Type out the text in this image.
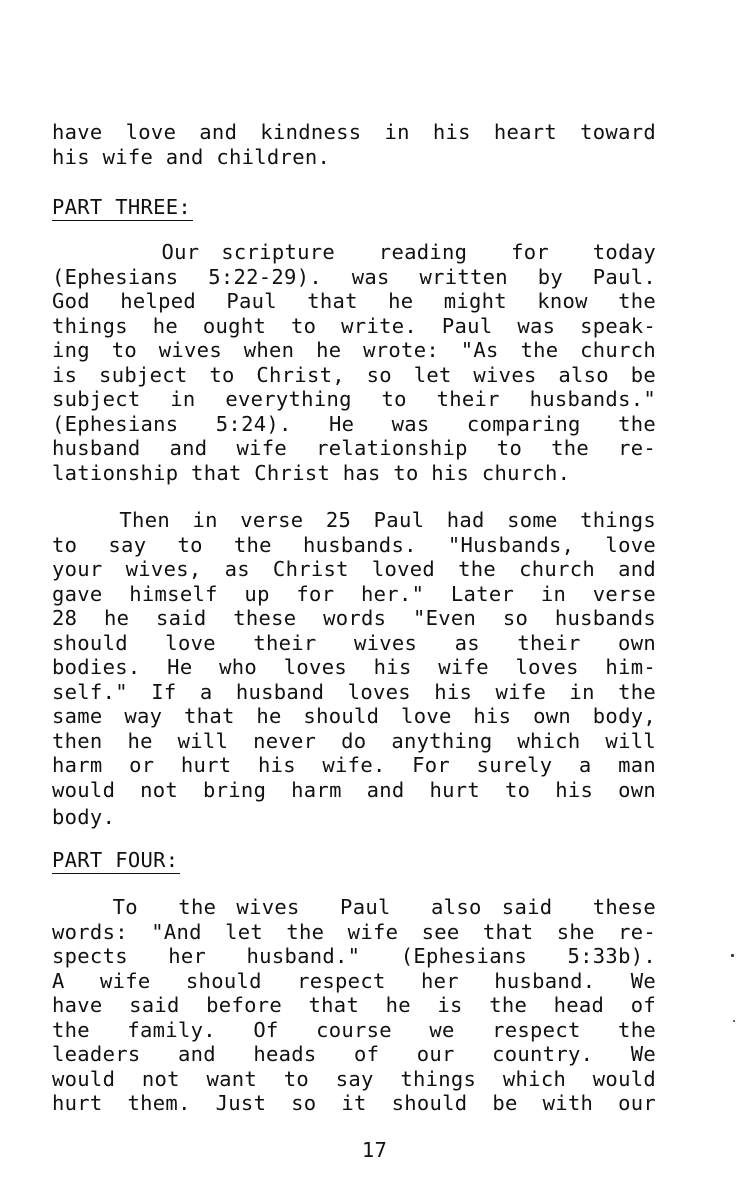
have love and kindness in his heart toward
his wife and children.
PART THREE:
Our scripture  reading  for  today
(Ephesians 5:22-29). was written by Paul.
God helped Paul that he might know the
things he ought to write. Paul was speak-
ing to wives when he wrote: "As the church
is subject to Christ, so let wives also be
subject in everything to their husbands."
(Ephesians 5:24). He was comparing the
husband and wife relationship to the re-
lationship that Christ has to his church.
Then in verse 25 Paul had some things
to say to the husbands. "Husbands, love
your wives, as Christ loved the church and
gave himself up for her." Later in verse
28 he said these words "Even so husbands
should love their wives as their own
bodies. He who loves his wife loves him-
self." If a husband loves his wife in the
same way that he should love his own body,
then he will never do anything which will
harm or hurt his wife. For surely a man
would not bring harm and hurt to his own
body.
PART FOUR:
To  the wives  Paul  also said  these
words: "And let the wife see that she re-
spects her husband." (Ephesians 5:33b).
A wife should respect her husband. We
have said before that he is the head of
the family. Of course we respect the
leaders and heads of our country. We
would not want to say things which would
hurt them. Just so it should be with our
17
